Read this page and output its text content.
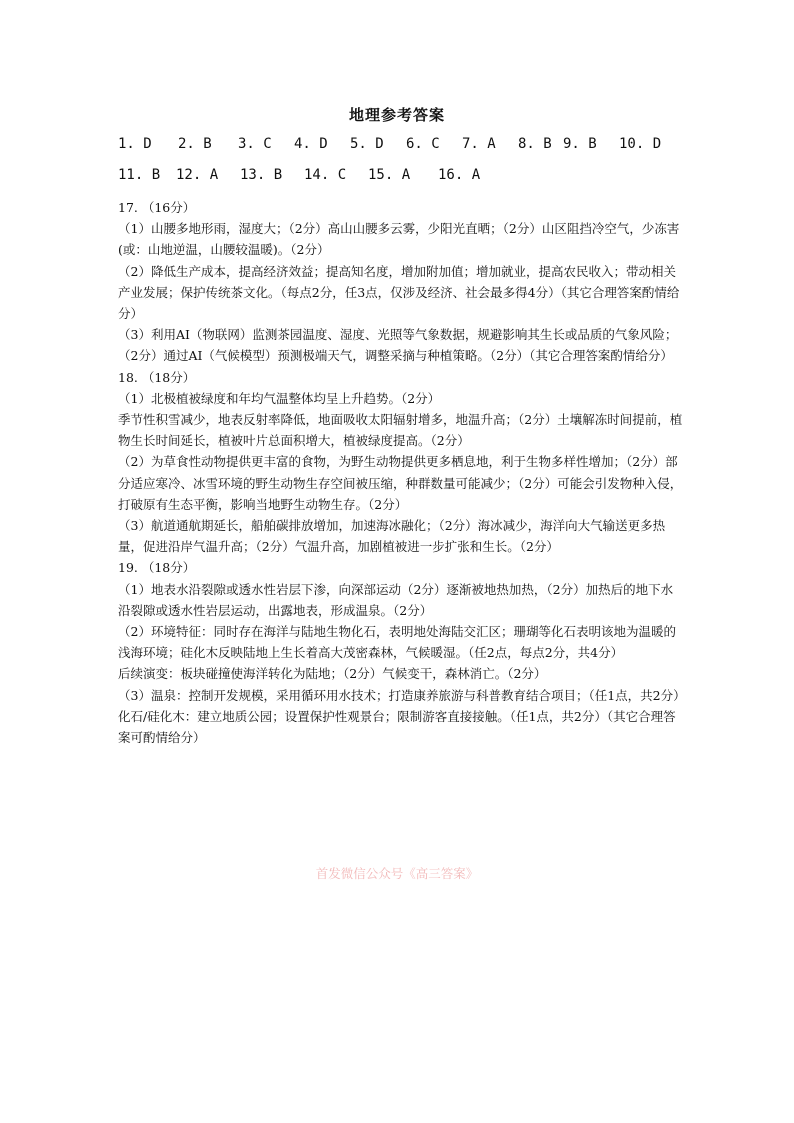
地理参考答案
1. D 2. B 3. C 4. D 5. D 6. C 7. A 8. B 9. B 10. D
11. B 12. A 13. B 14. C 15. A 16. A

17. （16分）

（1）山腰多地形雨，湿度大；（2分）高山山腰多云雾，少阳光直晒；（2分）山区阻挡冷空气，少冻害(或：山地逆温，山腰较温暖)。（2分）

（2）降低生产成本，提高经济效益；提高知名度，增加附加值；增加就业，提高农民收入；带动相关产业发展；保护传统茶文化。（每点2分，任3点，仅涉及经济、社会最多得4分）（其它合理答案酌情给分）

（3）利用AI（物联网）监测茶园温度、湿度、光照等气象数据，规避影响其生长或品质的气象风险；（2分）通过AI（气候模型）预测极端天气，调整采摘与种植策略。（2分）（其它合理答案酌情给分）

18. （18分）

（1）北极植被绿度和年均气温整体均呈上升趋势。（2分）

季节性积雪减少，地表反射率降低，地面吸收太阳辐射增多，地温升高；（2分）土壤解冻时间提前，植物生长时间延长，植被叶片总面积增大，植被绿度提高。（2分）

（2）为草食性动物提供更丰富的食物，为野生动物提供更多栖息地，利于生物多样性增加；（2分）部分适应寒冷、冰雪环境的野生动物生存空间被压缩，种群数量可能减少；（2分）可能会引发物种入侵，打破原有生态平衡，影响当地野生动物生存。（2分）

（3）航道通航期延长，船舶碳排放增加，加速海冰融化；（2分）海冰减少，海洋向大气输送更多热量，促进沿岸气温升高；（2分）气温升高，加剧植被进一步扩张和生长。（2分）

19. （18分）

（1）地表水沿裂隙或透水性岩层下渗，向深部运动（2分）逐渐被地热加热，（2分）加热后的地下水沿裂隙或透水性岩层运动，出露地表，形成温泉。（2分）

（2）环境特征：同时存在海洋与陆地生物化石，表明地处海陆交汇区；珊瑚等化石表明该地为温暖的浅海环境；硅化木反映陆地上生长着高大茂密森林，气候暖湿。（任2点，每点2分，共4分）

后续演变：板块碰撞使海洋转化为陆地；（2分）气候变干，森林消亡。（2分）

（3）温泉：控制开发规模，采用循环用水技术；打造康养旅游与科普教育结合项目；（任1点，共2分）化石/硅化木：建立地质公园；设置保护性观景台；限制游客直接接触。（任1点，共2分）（其它合理答案可酌情给分）

首发微信公众号《高三答案》
